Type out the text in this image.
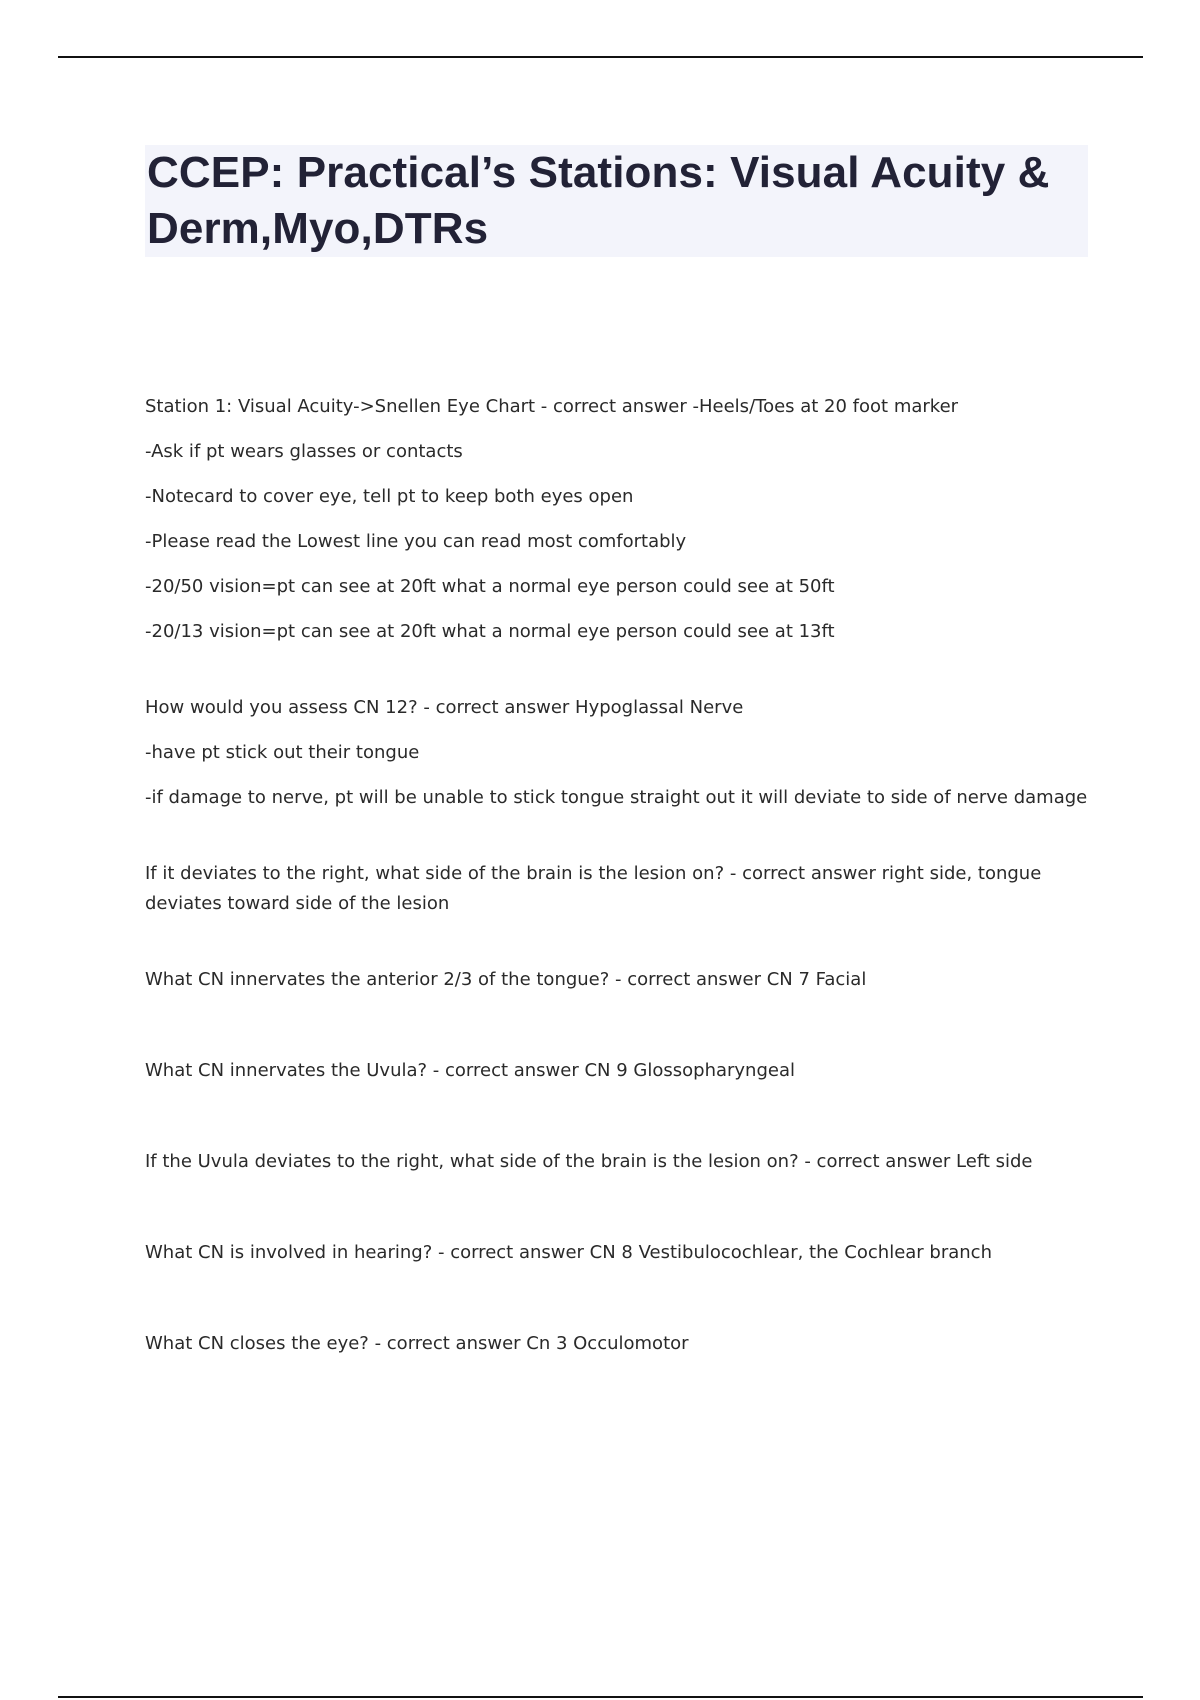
CCEP: Practical’s Stations: Visual Acuity & Derm,Myo,DTRs

Station 1: Visual Acuity->Snellen Eye Chart - correct answer -Heels/Toes at 20 foot marker

-Ask if pt wears glasses or contacts

-Notecard to cover eye, tell pt to keep both eyes open

-Please read the Lowest line you can read most comfortably

-20/50 vision=pt can see at 20ft what a normal eye person could see at 50ft

-20/13 vision=pt can see at 20ft what a normal eye person could see at 13ft

How would you assess CN 12? - correct answer Hypoglassal Nerve

-have pt stick out their tongue

-if damage to nerve, pt will be unable to stick tongue straight out it will deviate to side of nerve damage

If it deviates to the right, what side of the brain is the lesion on? - correct answer right side, tongue deviates toward side of the lesion

What CN innervates the anterior 2/3 of the tongue? - correct answer CN 7 Facial

What CN innervates the Uvula? - correct answer CN 9 Glossopharyngeal

If the Uvula deviates to the right, what side of the brain is the lesion on? - correct answer Left side

What CN is involved in hearing? - correct answer CN 8 Vestibulocochlear, the Cochlear branch

What CN closes the eye? - correct answer Cn 3 Occulomotor
